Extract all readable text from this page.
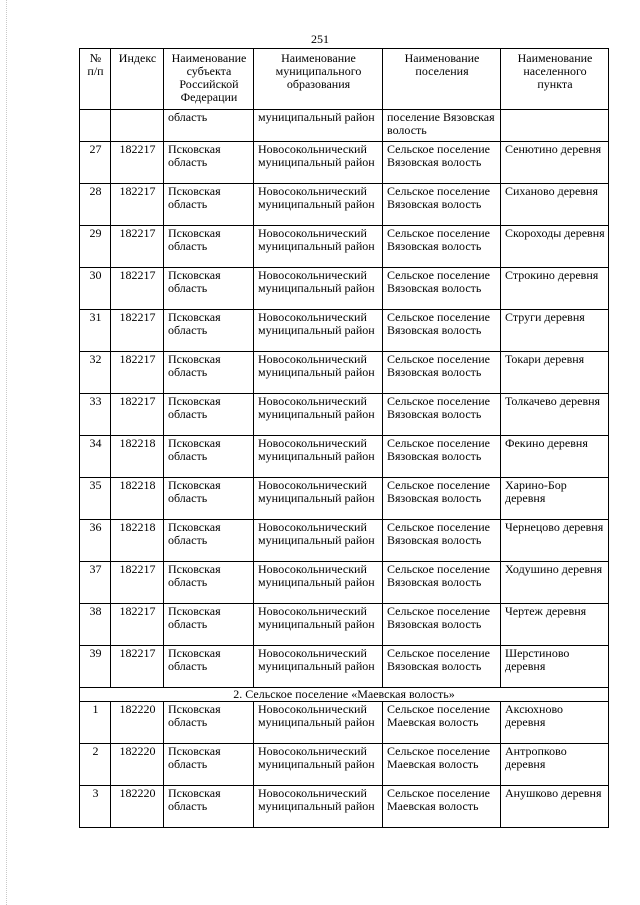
251
№ п/п	Индекс	Наименование субъекта Российской Федерации	Наименование муниципального образования	Наименование поселения	Наименование населенного пункта
		область	муниципальный район	поселение Вязовская волость	
27	182217	Псковская область	Новосокольнический муниципальный район	Сельское поселение Вязовская волость	Сенютино деревня
28	182217	Псковская область	Новосокольнический муниципальный район	Сельское поселение Вязовская волость	Сиханово деревня
29	182217	Псковская область	Новосокольнический муниципальный район	Сельское поселение Вязовская волость	Скороходы деревня
30	182217	Псковская область	Новосокольнический муниципальный район	Сельское поселение Вязовская волость	Строкино деревня
31	182217	Псковская область	Новосокольнический муниципальный район	Сельское поселение Вязовская волость	Струги деревня
32	182217	Псковская область	Новосокольнический муниципальный район	Сельское поселение Вязовская волость	Токари деревня
33	182217	Псковская область	Новосокольнический муниципальный район	Сельское поселение Вязовская волость	Толкачево деревня
34	182218	Псковская область	Новосокольнический муниципальный район	Сельское поселение Вязовская волость	Фекино деревня
35	182218	Псковская область	Новосокольнический муниципальный район	Сельское поселение Вязовская волость	Харино-Бор деревня
36	182218	Псковская область	Новосокольнический муниципальный район	Сельское поселение Вязовская волость	Чернецово деревня
37	182217	Псковская область	Новосокольнический муниципальный район	Сельское поселение Вязовская волость	Ходушино деревня
38	182217	Псковская область	Новосокольнический муниципальный район	Сельское поселение Вязовская волость	Чертеж деревня
39	182217	Псковская область	Новосокольнический муниципальный район	Сельское поселение Вязовская волость	Шерстиново деревня
2. Сельское поселение «Маевская волость»					
1	182220	Псковская область	Новосокольнический муниципальный район	Сельское поселение Маевская волость	Аксюхново деревня
2	182220	Псковская область	Новосокольнический муниципальный район	Сельское поселение Маевская волость	Антропково деревня
3	182220	Псковская область	Новосокольнический муниципальный район	Сельское поселение Маевская волость	Анушково деревня
